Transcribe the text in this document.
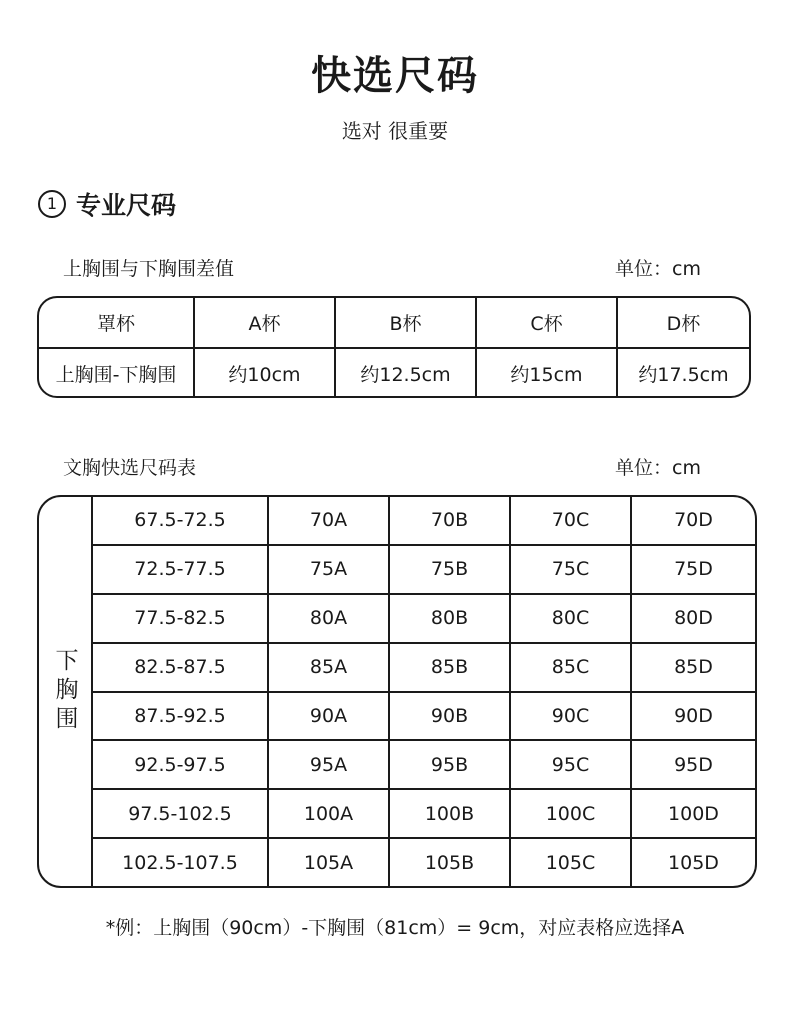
快选尺码
选对 很重要
1 专业尺码
上胸围与下胸围差值	单位：cm
罩杯	A杯	B杯	C杯	D杯
上胸围-下胸围	约10cm	约12.5cm	约15cm	约17.5cm
文胸快选尺码表	单位：cm
下胸围
67.5-72.5	70A	70B	70C	70D
72.5-77.5	75A	75B	75C	75D
77.5-82.5	80A	80B	80C	80D
82.5-87.5	85A	85B	85C	85D
87.5-92.5	90A	90B	90C	90D
92.5-97.5	95A	95B	95C	95D
97.5-102.5	100A	100B	100C	100D
102.5-107.5	105A	105B	105C	105D
*例：上胸围（90cm）-下胸围（81cm）= 9cm，对应表格应选择A
